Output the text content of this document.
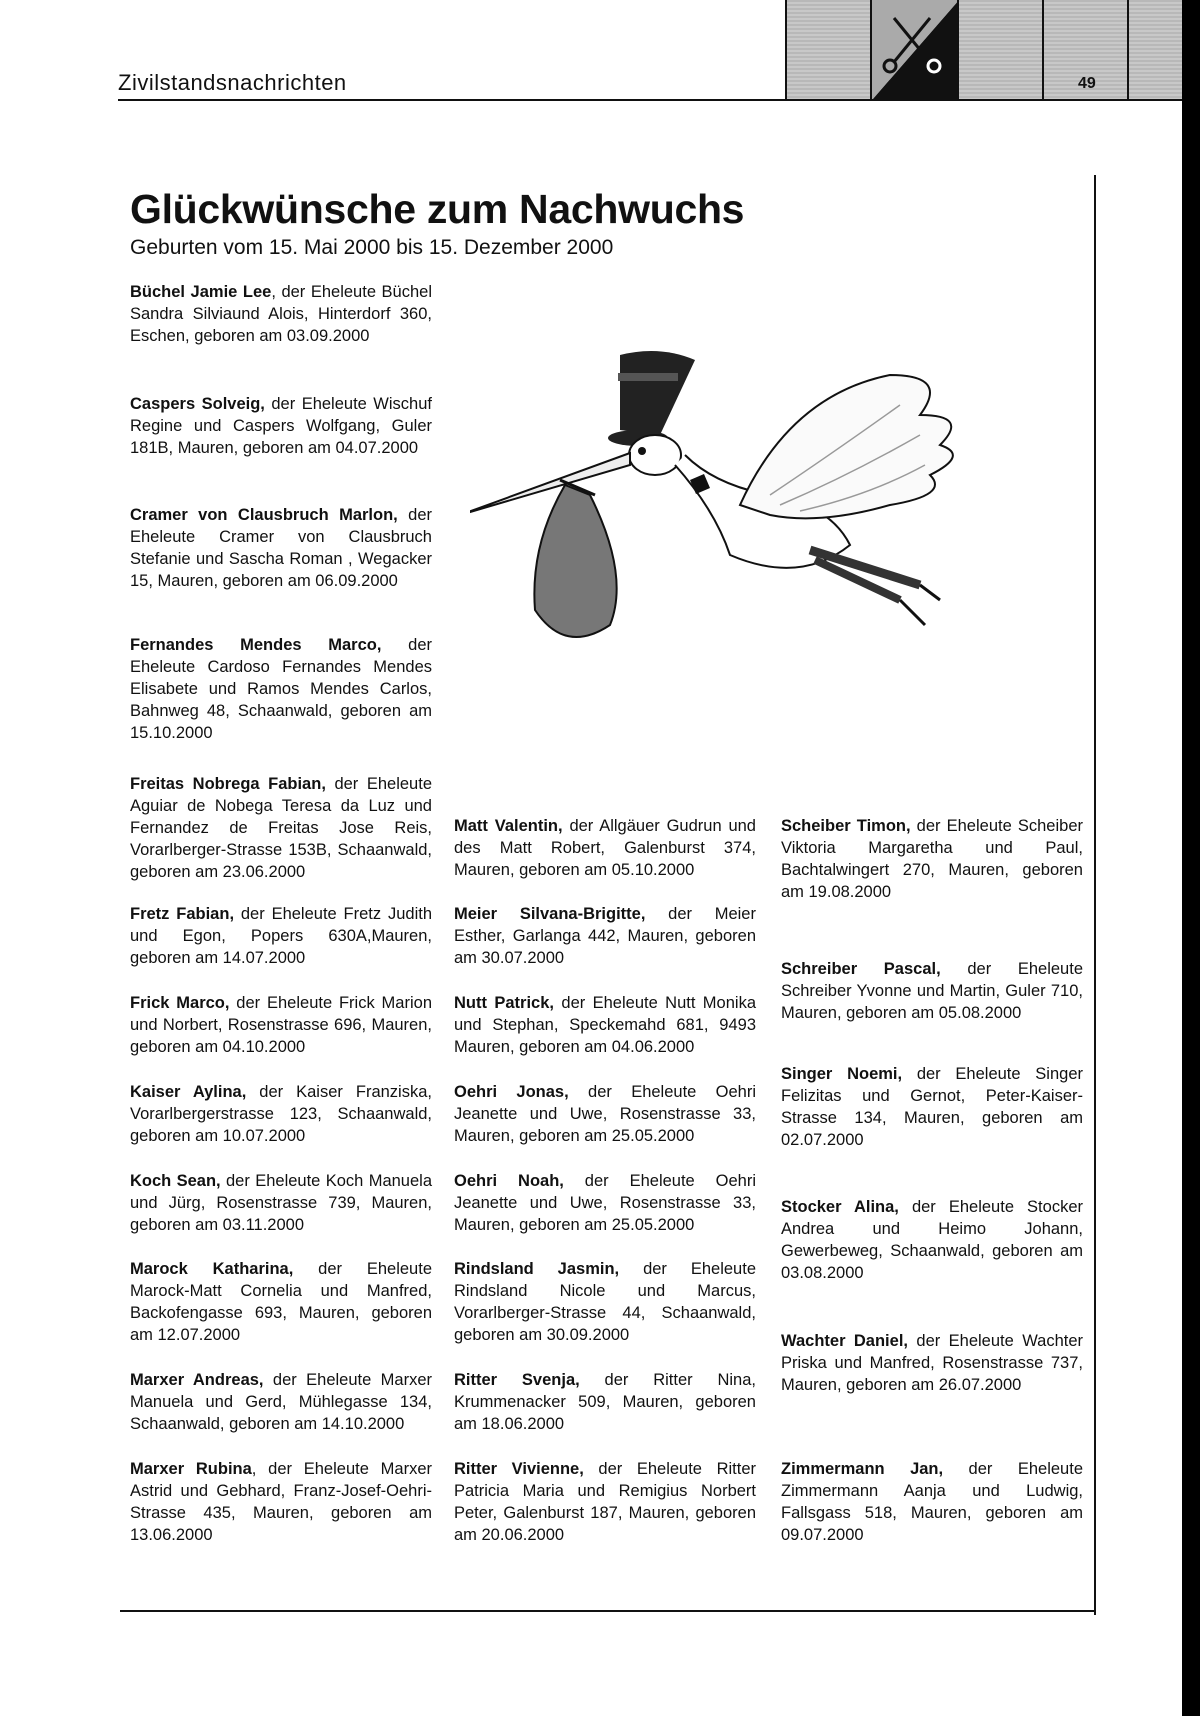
Zivilstandsnachrichten	49
Glückwünsche zum Nachwuchs
Geburten vom 15. Mai 2000 bis 15. Dezember 2000
Büchel Jamie Lee, der Eheleute Büchel Sandra Silviaund Alois, Hinterdorf 360, Eschen, geboren am 03.09.2000
Caspers Solveig, der Eheleute Wischuf Regine und Caspers Wolfgang, Guler 181B, Mauren, geboren am 04.07.2000
Cramer von Clausbruch Marlon, der Eheleute Cramer von Clausbruch Stefanie und Sascha Roman , Wegacker 15, Mauren, geboren am 06.09.2000
Fernandes Mendes Marco, der Eheleute Cardoso Fernandes Mendes Elisabete und Ramos Mendes Carlos, Bahnweg 48, Schaanwald, geboren am 15.10.2000
Freitas Nobrega Fabian, der Eheleute Aguiar de Nobega Teresa da Luz und Fernandez de Freitas Jose Reis, Vorarlberger-Strasse 153B, Schaanwald, geboren am 23.06.2000
Fretz Fabian, der Eheleute Fretz Judith und Egon, Popers 630A,Mauren, geboren am 14.07.2000
Frick Marco, der Eheleute Frick Marion und Norbert, Rosenstrasse 696, Mauren, geboren am 04.10.2000
Kaiser Aylina, der Kaiser Franziska, Vorarlbergerstrasse 123, Schaanwald, geboren am 10.07.2000
Koch Sean, der Eheleute Koch Manuela und Jürg, Rosenstrasse 739, Mauren, geboren am 03.11.2000
Marock Katharina, der Eheleute Marock-Matt Cornelia und Manfred, Backofengasse 693, Mauren, geboren am 12.07.2000
Marxer Andreas, der Eheleute Marxer Manuela und Gerd, Mühlegasse 134, Schaanwald, geboren am 14.10.2000
Marxer Rubina, der Eheleute Marxer Astrid und Gebhard, Franz-Josef-Oehri-Strasse 435, Mauren, geboren am 13.06.2000
Matt Valentin, der Allgäuer Gudrun und des Matt Robert, Galenburst 374, Mauren, geboren am 05.10.2000
Meier Silvana-Brigitte, der Meier Esther, Garlanga 442, Mauren, geboren am 30.07.2000
Nutt Patrick, der Eheleute Nutt Monika und Stephan, Speckemahd 681, 9493 Mauren, geboren am 04.06.2000
Oehri Jonas, der Eheleute Oehri Jeanette und Uwe, Rosenstrasse 33, Mauren, geboren am 25.05.2000
Oehri Noah, der Eheleute Oehri Jeanette und Uwe, Rosenstrasse 33, Mauren, geboren am 25.05.2000
Rindsland Jasmin, der Eheleute Rindsland Nicole und Marcus, Vorarlberger-Strasse 44, Schaanwald, geboren am 30.09.2000
Ritter Svenja, der Ritter Nina, Krummenacker 509, Mauren, geboren am 18.06.2000
Ritter Vivienne, der Eheleute Ritter Patricia Maria und Remigius Norbert Peter, Galenburst 187, Mauren, geboren am 20.06.2000
Scheiber Timon, der Eheleute Scheiber Viktoria Margaretha und Paul, Bachtalwingert 270, Mauren, geboren am 19.08.2000
Schreiber Pascal, der Eheleute Schreiber Yvonne und Martin, Guler 710, Mauren, geboren am 05.08.2000
Singer Noemi, der Eheleute Singer Felizitas und Gernot, Peter-Kaiser-Strasse 134, Mauren, geboren am 02.07.2000
Stocker Alina, der Eheleute Stocker Andrea und Heimo Johann, Gewerbeweg, Schaanwald, geboren am 03.08.2000
Wachter Daniel, der Eheleute Wachter Priska und Manfred, Rosenstrasse 737, Mauren, geboren am 26.07.2000
Zimmermann Jan, der Eheleute Zimmermann Aanja und Ludwig, Fallsgass 518, Mauren, geboren am 09.07.2000
